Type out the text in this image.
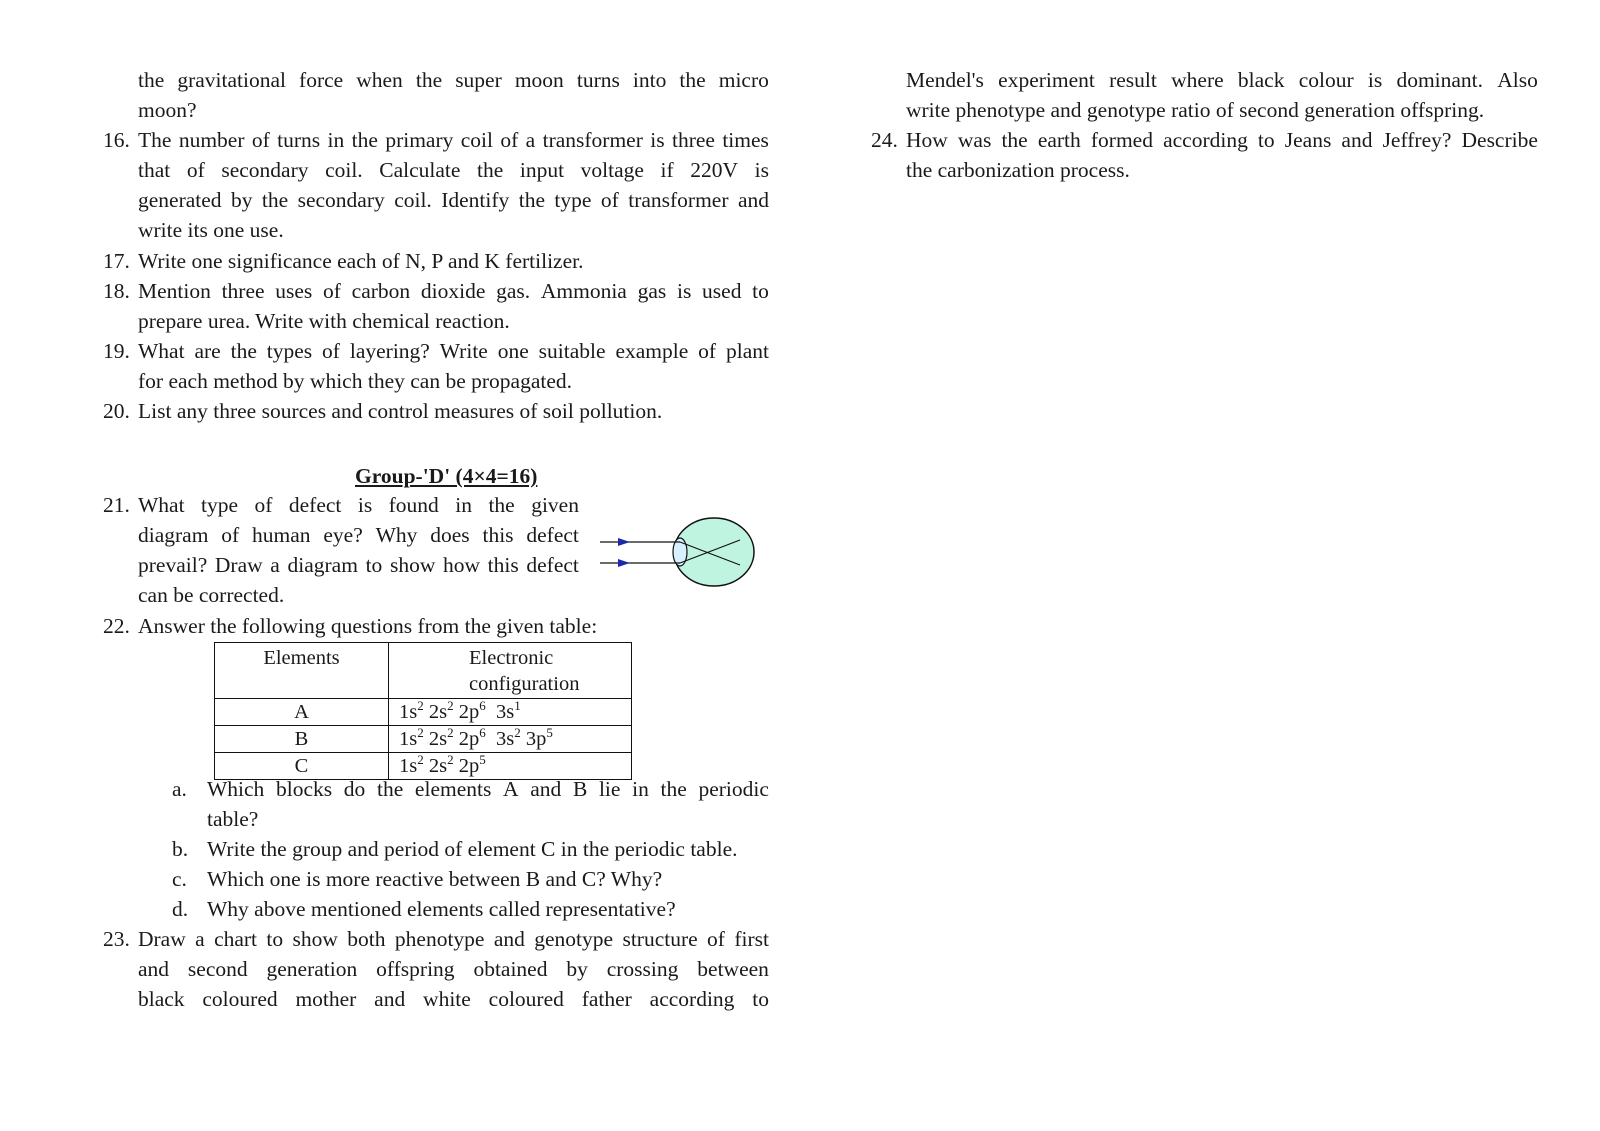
the gravitational force when the super moon turns into the micro
moon?
16. The number of turns in the primary coil of a transformer is three times
that of secondary coil. Calculate the input voltage if 220V is
generated by the secondary coil. Identify the type of transformer and
write its one use.
17. Write one significance each of N, P and K fertilizer.
18. Mention three uses of carbon dioxide gas. Ammonia gas is used to
prepare urea. Write with chemical reaction.
19. What are the types of layering? Write one suitable example of plant
for each method by which they can be propagated.
20. List any three sources and control measures of soil pollution.
Group-'D' (4×4=16)
21. What type of defect is found in the given
diagram of human eye? Why does this defect
prevail? Draw a diagram to show how this defect
can be corrected.
22. Answer the following questions from the given table:
Elements	Electronic
configuration

A	$1s^2$ $2s^2$ $2p^6$  $3s^1$
B	$1s^2$ $2s^2$ $2p^6$  $3s^2$ $3p^5$
C	$1s^2$ $2s^2$ $2p^5$
a. Which blocks do the elements A and B lie in the periodic
table?
b. Write the group and period of element C in the periodic table.
c. Which one is more reactive between B and C? Why?
d. Why above mentioned elements called representative?
23. Draw a chart to show both phenotype and genotype structure of first
and second generation offspring obtained by crossing between
black coloured mother and white coloured father according to
Mendel's experiment result where black colour is dominant. Also
write phenotype and genotype ratio of second generation offspring.
24. How was the earth formed according to Jeans and Jeffrey? Describe
the carbonization process.
